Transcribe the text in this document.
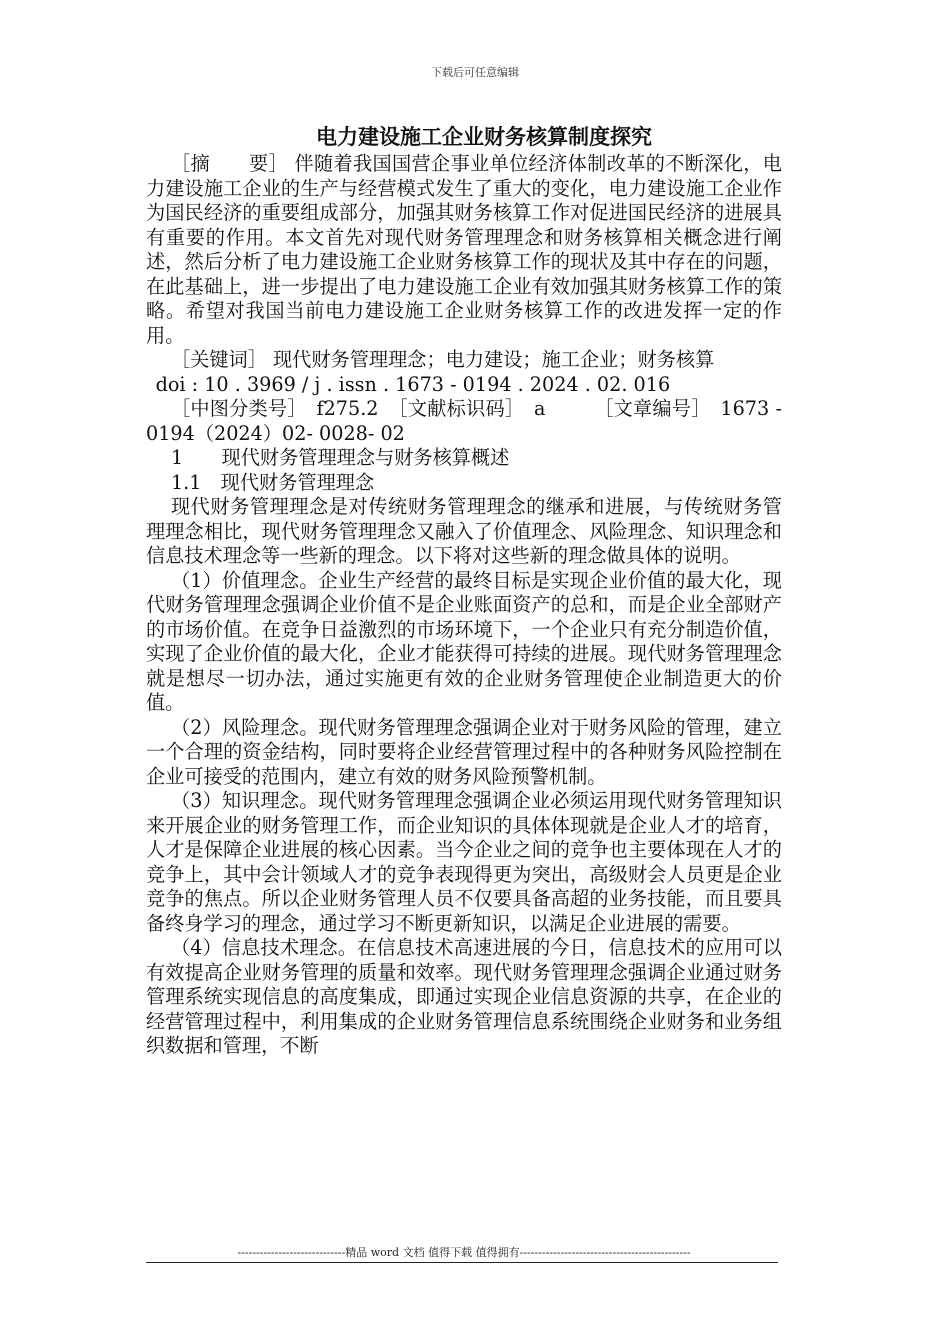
下载后可任意编辑
电力建设施工企业财务核算制度探究

［摘　　要］ 伴随着我国国营企事业单位经济体制改革的不断深化，电力建设施工企业的生产与经营模式发生了重大的变化，电力建设施工企业作为国民经济的重要组成部分，加强其财务核算工作对促进国民经济的进展具有重要的作用。本文首先对现代财务管理理念和财务核算相关概念进行阐述，然后分析了电力建设施工企业财务核算工作的现状及其中存在的问题，在此基础上，进一步提出了电力建设施工企业有效加强其财务核算工作的策略。希望对我国当前电力建设施工企业财务核算工作的改进发挥一定的作用。

［关键词］ 现代财务管理理念；电力建设；施工企业；财务核算

doi : 10 . 3969 / j . issn . 1673 - 0194 . 2024 . 02. 016

［中图分类号］　f275.2　［文献标识码］　a　　　［文章编号］　1673 - 0194（2024）02- 0028- 02

1　　现代财务管理理念与财务核算概述

1.1　现代财务管理理念

现代财务管理理念是对传统财务管理理念的继承和进展，与传统财务管理理念相比，现代财务管理理念又融入了价值理念、风险理念、知识理念和信息技术理念等一些新的理念。以下将对这些新的理念做具体的说明。

（1）价值理念。企业生产经营的最终目标是实现企业价值的最大化，现代财务管理理念强调企业价值不是企业账面资产的总和，而是企业全部财产的市场价值。在竞争日益激烈的市场环境下，一个企业只有充分制造价值，实现了企业价值的最大化，企业才能获得可持续的进展。现代财务管理理念就是想尽一切办法，通过实施更有效的企业财务管理使企业制造更大的价值。

（2）风险理念。现代财务管理理念强调企业对于财务风险的管理，建立一个合理的资金结构，同时要将企业经营管理过程中的各种财务风险控制在企业可接受的范围内，建立有效的财务风险预警机制。

（3）知识理念。现代财务管理理念强调企业必须运用现代财务管理知识来开展企业的财务管理工作，而企业知识的具体体现就是企业人才的培育，人才是保障企业进展的核心因素。当今企业之间的竞争也主要体现在人才的竞争上，其中会计领域人才的竞争表现得更为突出，高级财会人员更是企业竞争的焦点。所以企业财务管理人员不仅要具备高超的业务技能，而且要具备终身学习的理念，通过学习不断更新知识，以满足企业进展的需要。

（4）信息技术理念。在信息技术高速进展的今日，信息技术的应用可以有效提高企业财务管理的质量和效率。现代财务管理理念强调企业通过财务管理系统实现信息的高度集成，即通过实现企业信息资源的共享，在企业的经营管理过程中，利用集成的企业财务管理信息系统围绕企业财务和业务组织数据和管理，不断

-----------------------------精品 word 文档 值得下载 值得拥有----------------------------------------------
